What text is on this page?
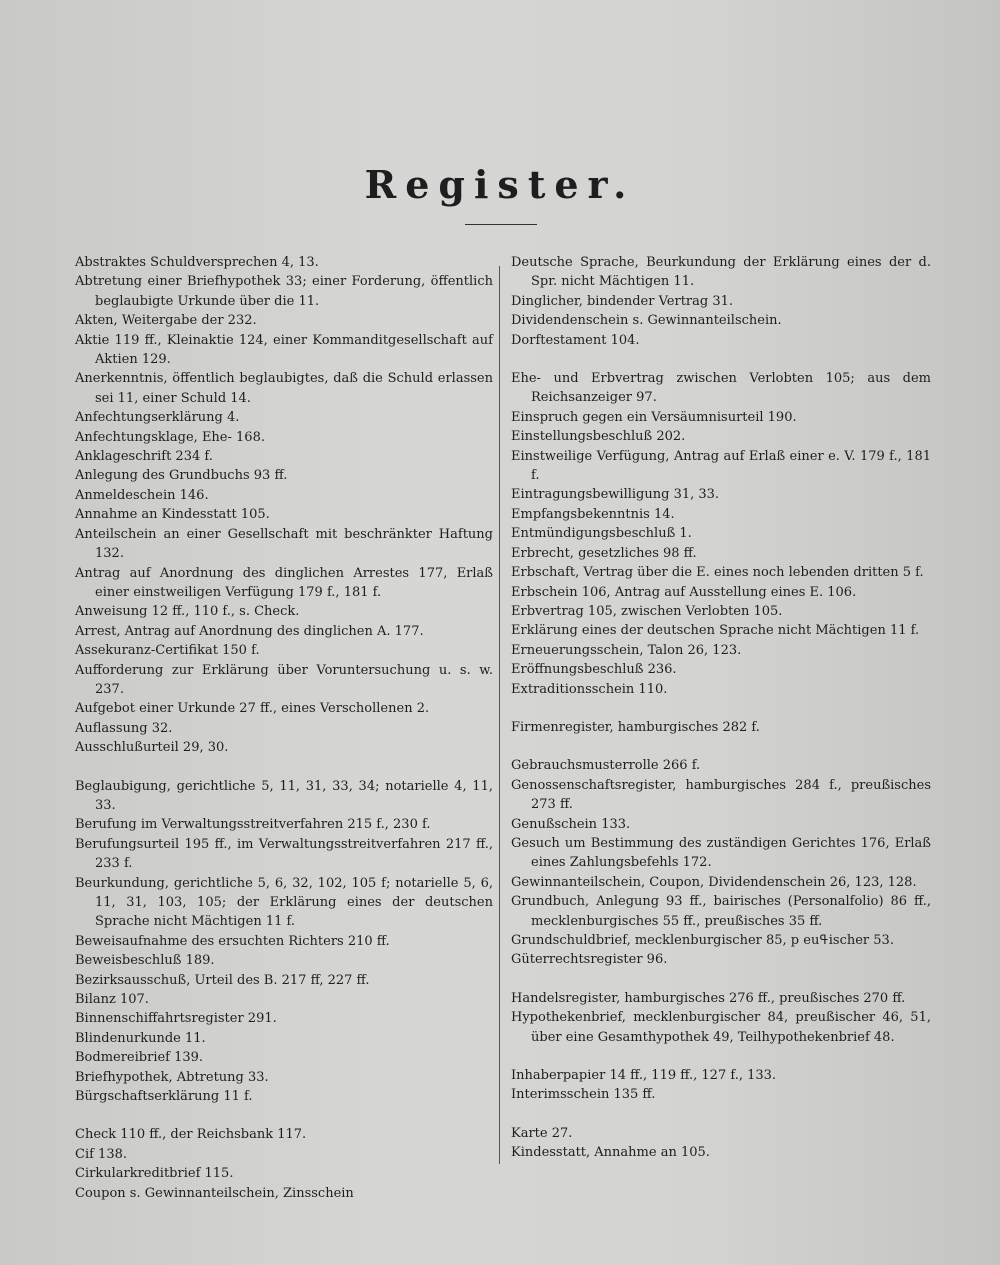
Register.
Abstraktes Schuldversprechen 4, 13.
Abtretung einer Briefhypothek 33; einer Forderung, öffentlich beglaubigte Urkunde über die 11.
Akten, Weitergabe der 232.
Aktie 119 ff., Kleinaktie 124, einer Kommanditgesellschaft auf Aktien 129.
Anerkenntnis, öffentlich beglaubigtes, daß die Schuld erlassen sei 11, einer Schuld 14.
Anfechtungserklärung 4.
Anfechtungsklage, Ehe- 168.
Anklageschrift 234 f.
Anlegung des Grundbuchs 93 ff.
Anmeldeschein 146.
Annahme an Kindesstatt 105.
Anteilschein an einer Gesellschaft mit beschränkter Haftung 132.
Antrag auf Anordnung des dinglichen Arrestes 177, Erlaß einer einstweiligen Verfügung 179 f., 181 f.
Anweisung 12 ff., 110 f., s. Check.
Arrest, Antrag auf Anordnung des dinglichen A. 177.
Assekuranz-Certifikat 150 f.
Aufforderung zur Erklärung über Voruntersuchung u. s. w. 237.
Aufgebot einer Urkunde 27 ff., eines Verschollenen 2.
Auflassung 32.
Ausschlußurteil 29, 30.
Beglaubigung, gerichtliche 5, 11, 31, 33, 34; notarielle 4, 11, 33.
Berufung im Verwaltungsstreitverfahren 215 f., 230 f.
Berufungsurteil 195 ff., im Verwaltungsstreitverfahren 217 ff., 233 f.
Beurkundung, gerichtliche 5, 6, 32, 102, 105 f; notarielle 5, 6, 11, 31, 103, 105; der Erklärung eines der deutschen Sprache nicht Mächtigen 11 f.
Beweisaufnahme des ersuchten Richters 210 ff.
Beweisbeschluß 189.
Bezirksausschuß, Urteil des B. 217 ff, 227 ff.
Bilanz 107.
Binnenschiffahrtsregister 291.
Blindenurkunde 11.
Bodmereibrief 139.
Briefhypothek, Abtretung 33.
Bürgschaftserklärung 11 f.
Check 110 ff., der Reichsbank 117.
Cif 138.
Cirkularkreditbrief 115.
Coupon s. Gewinnanteilschein, Zinsschein
Deutsche Sprache, Beurkundung der Erklärung eines der d. Spr. nicht Mächtigen 11.
Dinglicher, bindender Vertrag 31.
Dividendenschein s. Gewinnanteilschein.
Dorftestament 104.
Ehe- und Erbvertrag zwischen Verlobten 105; aus dem Reichsanzeiger 97.
Einspruch gegen ein Versäumnisurteil 190.
Einstellungsbeschluß 202.
Einstweilige Verfügung, Antrag auf Erlaß einer e. V. 179 f., 181 f.
Eintragungsbewilligung 31, 33.
Empfangsbekenntnis 14.
Entmündigungsbeschluß 1.
Erbrecht, gesetzliches 98 ff.
Erbschaft, Vertrag über die E. eines noch lebenden dritten 5 f.
Erbschein 106, Antrag auf Ausstellung eines E. 106.
Erbvertrag 105, zwischen Verlobten 105.
Erklärung eines der deutschen Sprache nicht Mächtigen 11 f.
Erneuerungsschein, Talon 26, 123.
Eröffnungsbeschluß 236.
Extraditionsschein 110.
Firmenregister, hamburgisches 282 f.
Gebrauchsmusterrolle 266 f.
Genossenschaftsregister, hamburgisches 284 f., preußisches 273 ff.
Genußschein 133.
Gesuch um Bestimmung des zuständigen Gerichtes 176, Erlaß eines Zahlungsbefehls 172.
Gewinnanteilschein, Coupon, Dividendenschein 26, 123, 128.
Grundbuch, Anlegung 93 ff., bairisches (Personalfolio) 86 ff., mecklenburgisches 55 ff., preußisches 35 ff.
Grundschuldbrief, mecklenburgischer 85, p euߟischer 53.
Güterrechtsregister 96.
Handelsregister, hamburgisches 276 ff., preußisches 270 ff.
Hypothekenbrief, mecklenburgischer 84, preußischer 46, 51, über eine Gesamthypothek 49, Teilhypothekenbrief 48.
Inhaberpapier 14 ff., 119 ff., 127 f., 133.
Interimsschein 135 ff.
Karte 27.
Kindesstatt, Annahme an 105.
